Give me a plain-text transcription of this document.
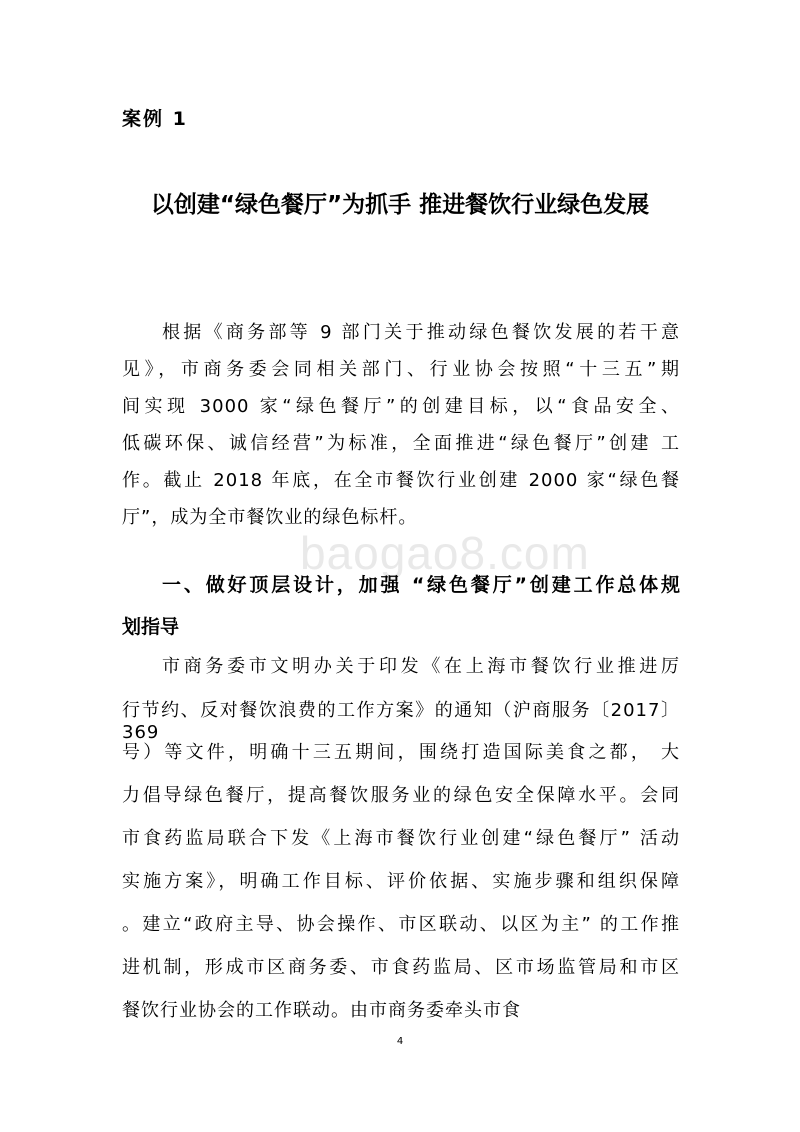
案例 1
以创建“绿色餐厅”为抓手 推进餐饮行业绿色发展

根据《商务部等 9 部门关于推动绿色餐饮发展的若干意

见》，市商务委会同相关部门、行业协会按照“十三五”期

间实现 3000 家“绿色餐厅”的创建目标，以“食品安全、

低碳环保、诚信经营”为标准，全面推进“绿色餐厅”创建 工

作。截止 2018 年底，在全市餐饮行业创建 2000 家“绿色餐

厅”，成为全市餐饮业的绿色标杆。

baogao8.com

一、做好顶层设计，加强 “绿色餐厅”创建工作总体规

划指导

市商务委市文明办关于印发《在上海市餐饮行业推进厉

行节约、反对餐饮浪费的工作方案》的通知（沪商服务〔2017〕369

号）等文件，明确十三五期间，围绕打造国际美食之都， 大

力倡导绿色餐厅，提高餐饮服务业的绿色安全保障水平。会同

市食药监局联合下发《上海市餐饮行业创建“绿色餐厅” 活动

实施方案》，明确工作目标、评价依据、实施步骤和组织保障

。建立“政府主导、协会操作、市区联动、以区为主” 的工作推

进机制，形成市区商务委、市食药监局、区市场监管局和市区

餐饮行业协会的工作联动。由市商务委牵头市食

4
